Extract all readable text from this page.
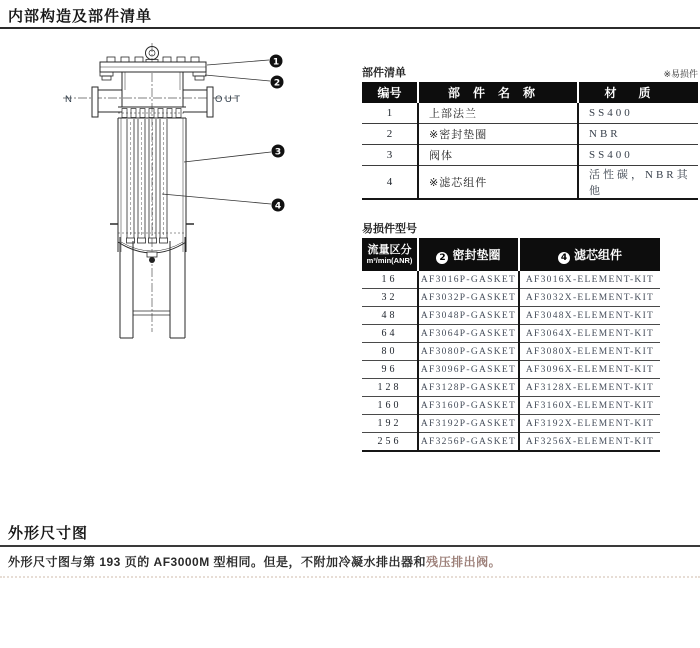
内部构造及部件清单
N	OUT
1
2
3
4
部件清单	※易损件
编号	部件名称	材质
1	上部法兰	SS400
2	※密封垫圈	NBR
3	阀体	SS400
4	※滤芯组件	活性碳，NBR其他
易损件型号
流量区分
m³/min(ANR)	2 密封垫圈	4 滤芯组件
16	AF3016P-GASKET	AF3016X-ELEMENT-KIT
32	AF3032P-GASKET	AF3032X-ELEMENT-KIT
48	AF3048P-GASKET	AF3048X-ELEMENT-KIT
64	AF3064P-GASKET	AF3064X-ELEMENT-KIT
80	AF3080P-GASKET	AF3080X-ELEMENT-KIT
96	AF3096P-GASKET	AF3096X-ELEMENT-KIT
128	AF3128P-GASKET	AF3128X-ELEMENT-KIT
160	AF3160P-GASKET	AF3160X-ELEMENT-KIT
192	AF3192P-GASKET	AF3192X-ELEMENT-KIT
256	AF3256P-GASKET	AF3256X-ELEMENT-KIT
外形尺寸图
外形尺寸图与第 193 页的 AF3000M 型相同。但是，不附加冷凝水排出器和残压排出阀。
